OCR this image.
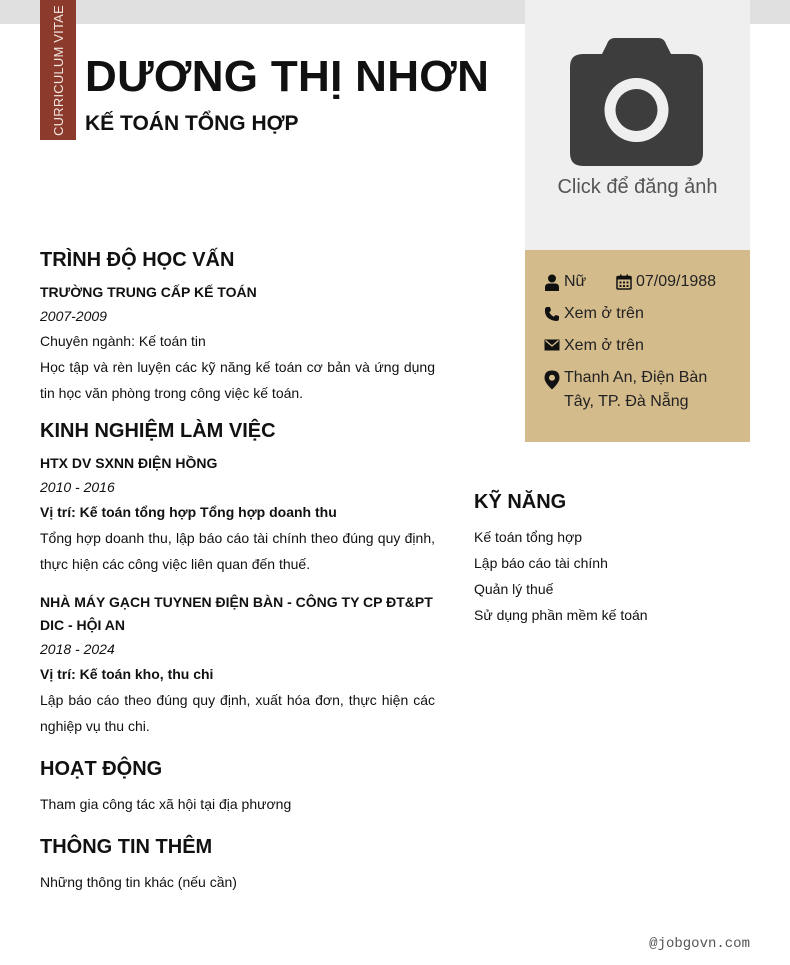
CURRICULUM VITAE DƯƠNG THỊ NHƠN
KẾ TOÁN TỔNG HỢP
Click để đăng ảnh
Nữ	07/09/1988
Xem ở trên
Xem ở trên
Thanh An, Điện Bàn Tây, TP. Đà Nẵng
TRÌNH ĐỘ HỌC VẤN
TRƯỜNG TRUNG CẤP KẾ TOÁN
2007-2009
Chuyên ngành: Kế toán tin
Học tập và rèn luyện các kỹ năng kế toán cơ bản và ứng dụng tin học văn phòng trong công việc kế toán.
KINH NGHIỆM LÀM VIỆC
HTX DV SXNN ĐIỆN HỒNG
2010 - 2016
Vị trí: Kế toán tổng hợp Tổng hợp doanh thu
Tổng hợp doanh thu, lập báo cáo tài chính theo đúng quy định, thực hiện các công việc liên quan đến thuế.
NHÀ MÁY GẠCH TUYNEN ĐIỆN BÀN - CÔNG TY CP ĐT&PT DIC - HỘI AN
2018 - 2024
Vị trí: Kế toán kho, thu chi
Lập báo cáo theo đúng quy định, xuất hóa đơn, thực hiện các nghiệp vụ thu chi.
HOẠT ĐỘNG
Tham gia công tác xã hội tại địa phương
THÔNG TIN THÊM
Những thông tin khác (nếu cần)
KỸ NĂNG
Kế toán tổng hợp
Lập báo cáo tài chính
Quản lý thuế
Sử dụng phần mềm kế toán
@jobgovn.com
